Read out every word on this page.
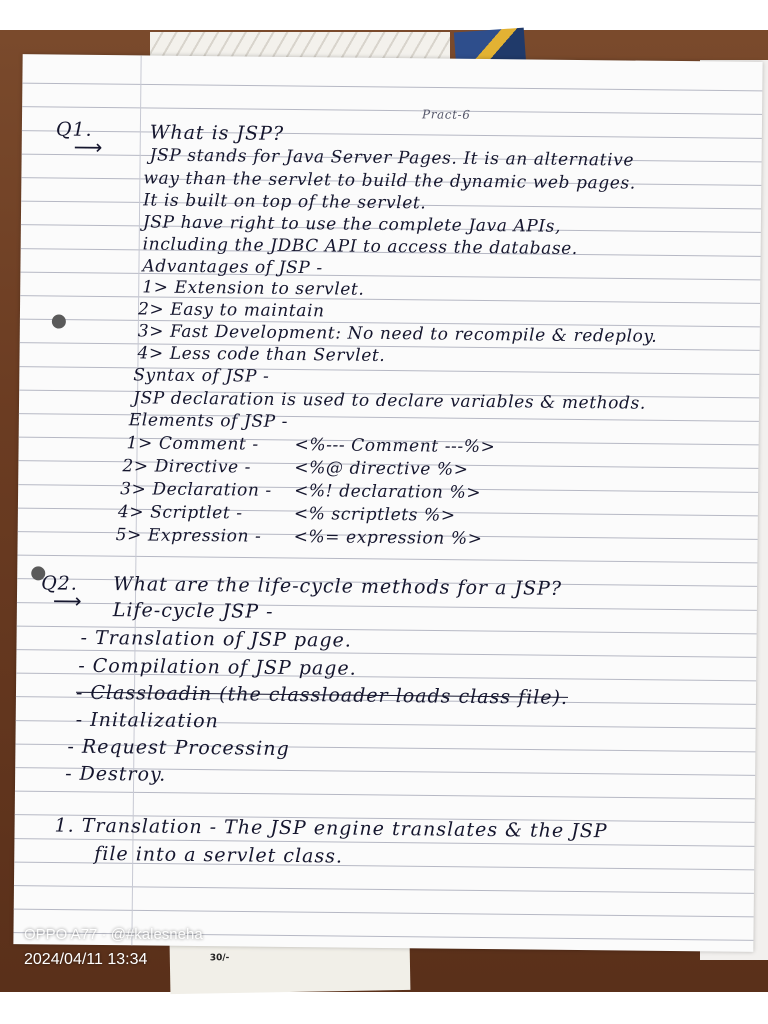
30/-
Pract-6
Q1.
⟶
What is JSP?
JSP stands for Java Server Pages. It is an alternative
way than the servlet to build the dynamic web pages.
It is built on top of the servlet.
JSP have right to use the complete Java APIs,
including the JDBC API to access the database.
Advantages of JSP -
1> Extension to servlet.
2> Easy to maintain
3> Fast Development: No need to recompile & redeploy.
4> Less code than Servlet.
Syntax of JSP -
JSP declaration is used to declare variables & methods.
Elements of JSP -
1> Comment - <%--- Comment ---%>
2> Directive -	<%@ directive %>
3> Declaration - <%! declaration %>
4> Scriptlet -	<% scriptlets %>
5> Expression - <%= expression %>
Q2.
⟶
What are the life-cycle methods for a JSP?
Life-cycle JSP -
- Translation of JSP page.
- Compilation of JSP page.
- Classloadin (the classloader loads class file).
- Initalization
- Request Processing
- Destroy.
1. Translation - The JSP engine translates & the JSP
file into a servlet class.
OPPO A77 · @#kalesneha
2024/04/11 13:34
